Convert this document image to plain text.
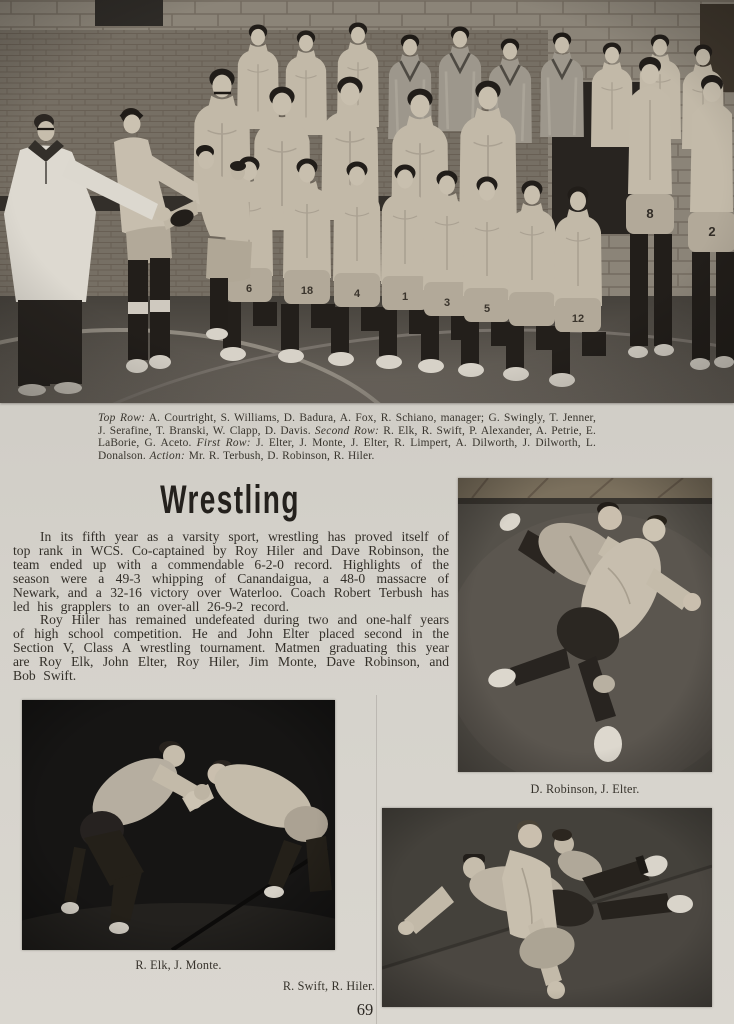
Top Row: A. Courtright, S. Williams, D. Badura, A. Fox, R. Schiano, manager; G. Swingly, T. Jenner, J. Serafine, T. Branski, W. Clapp, D. Davis. Second Row: R. Elk, R. Swift, P. Alexander, A. Petrie, E. LaBorie, G. Aceto. First Row: J. Elter, J. Monte, J. Elter, R. Limpert, A. Dilworth, J. Dilworth, L. Donalson. Action: Mr. R. Terbush, D. Robinson, R. Hiler.

Wrestling

In its fifth year as a varsity sport, wrestling has proved itself of top rank in WCS. Co-captained by Roy Hiler and Dave Robinson, the team ended up with a commendable 6-2-0 record. Highlights of the season were a 49-3 whipping of Canandaigua, a 48-0 massacre of Newark, and a 32-16 victory over Waterloo. Coach Robert Terbush has led his grapplers to an over-all 26-9-2 record.

Roy Hiler has remained undefeated during two and one-half years of high school competition. He and John Elter placed second in the Section V, Class A wrestling tournament. Matmen graduating this year are Roy Elk, John Elter, Roy Hiler, Jim Monte, Dave Robinson, and Bob Swift.

D. Robinson, J. Elter.

R. Elk, J. Monte.

R. Swift, R. Hiler.

69
